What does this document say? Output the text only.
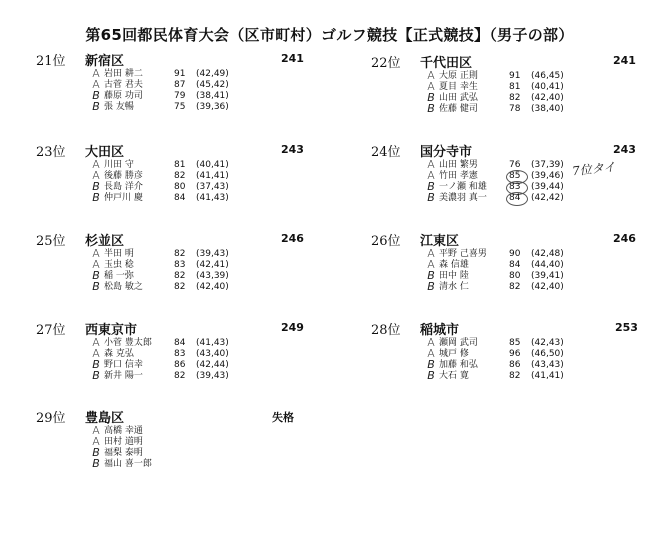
第65回都民体育大会（区市町村）ゴルフ競技【正式競技】（男子の部）
21位 新宿区	241
A 岩田 耕二	91 (42,49)
A 古菅 君夫	87 (45,42)
B 藤原 功司	79 (38,41)
B 張 友暢	75 (39,36)
22位 千代田区	241
A 大原 正則	91 (46,45)
A 夏目 幸生	81 (40,41)
B 山田 武弘	82 (42,40)
B 佐藤 健司	78 (38,40)
23位 大田区	243
A 川田 守	81 (40,41)
A 後藤 勝彦	82 (41,41)
B 長島 洋介	80 (37,43)
B 仲戸川 慶	84 (41,43)
24位 国分寺市	243
A 山田 繁男	76 (37,39)
A 竹田 孝憲	85 (39,46)
B 一ノ瀬 和雄 83 (39,44)
B 美濃羽 真一 84 (42,42)
25位 杉並区	246
A 半田 明	82 (39,43)
A 玉虫 稔	83 (42,41)
B 稲 一弥	82 (43,39)
B 松島 敏之	82 (42,40)
26位 江東区	246
A 平野 己喜男 90 (42,48)
A 森 信雄	84 (44,40)
B 田中 陸	80 (39,41)
B 清水 仁	82 (42,40)
27位 西東京市	249
A 小菅 豊太郎 84 (41,43)
A 森 克弘	83 (43,40)
B 野口 信幸	86 (42,44)
B 新井 陽一	82 (39,43)
28位 稲城市	253
A 瀬岡 武司	85 (42,43)
A 城戸 修	96 (46,50)
B 加藤 和弘	86 (43,43)
B 大石 寛	82 (41,41)
29位 豊島区	失格
A 高橋 幸通
A 田村 道明
B 福梨 泰明
B 福山 喜一郎
7位タイ
